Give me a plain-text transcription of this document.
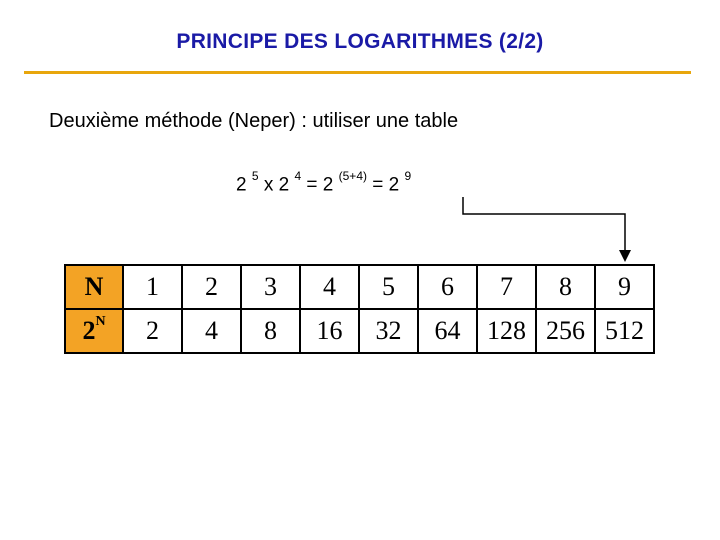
PRINCIPE DES LOGARITHMES (2/2)
Deuxième méthode (Neper) : utiliser une table
2 $^5$ x 2 $^4$ = 2 $^{(5+4)}$ = 2 $^9$
N	1	2	3	4	5	6	7	8	9
$2^N$	2	4	8	16	32	64	128	256	512
